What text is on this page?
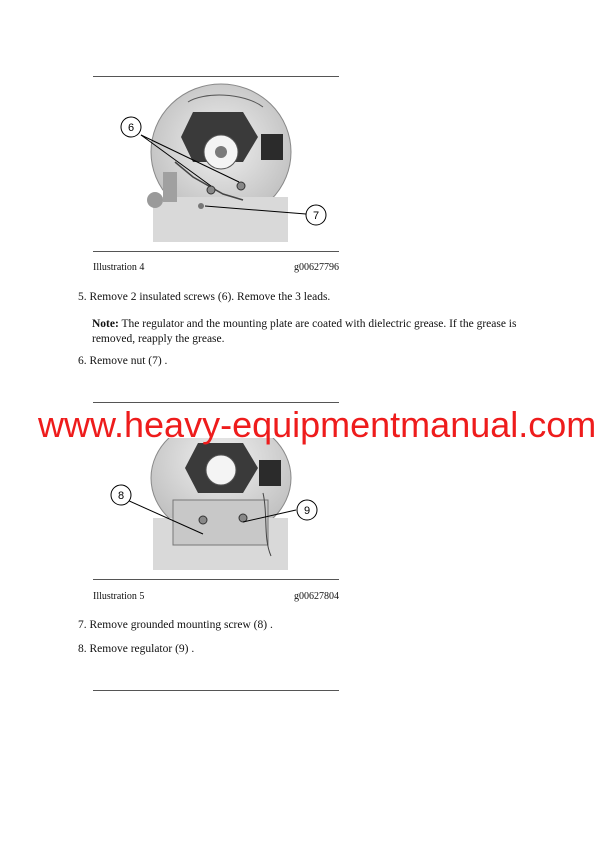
6
7
Illustration 4	g00627796
5. Remove 2 insulated screws (6). Remove the 3 leads.
Note: The regulator and the mounting plate are coated with dielectric grease. If the grease is removed, reapply the grease.
6. Remove nut (7) .
8
9
www.heavy-equipmentmanual.com
Illustration 5	g00627804
7. Remove grounded mounting screw (8) .
8. Remove regulator (9) .
